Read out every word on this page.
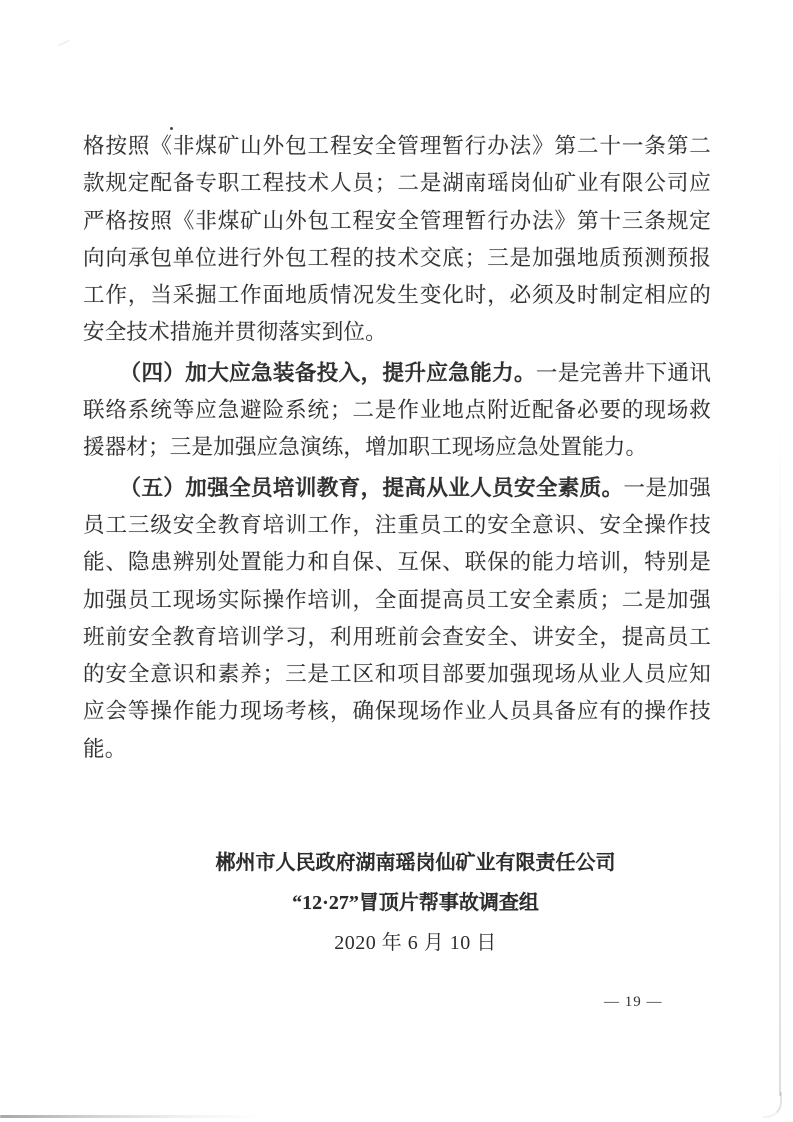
格按照《非煤矿山外包工程安全管理暂行办法》第二十一条第二款规定配备专职工程技术人员；二是湖南瑶岗仙矿业有限公司应严格按照《非煤矿山外包工程安全管理暂行办法》第十三条规定向向承包单位进行外包工程的技术交底；三是加强地质预测预报工作，当采掘工作面地质情况发生变化时，必须及时制定相应的安全技术措施并贯彻落实到位。

（四）加大应急装备投入，提升应急能力。一是完善井下通讯联络系统等应急避险系统；二是作业地点附近配备必要的现场救援器材；三是加强应急演练，增加职工现场应急处置能力。

（五）加强全员培训教育，提高从业人员安全素质。一是加强员工三级安全教育培训工作，注重员工的安全意识、安全操作技能、隐患辨别处置能力和自保、互保、联保的能力培训，特别是加强员工现场实际操作培训，全面提高员工安全素质；二是加强班前安全教育培训学习，利用班前会查安全、讲安全，提高员工的安全意识和素养；三是工区和项目部要加强现场从业人员应知应会等操作能力现场考核，确保现场作业人员具备应有的操作技能。

郴州市人民政府湖南瑶岗仙矿业有限责任公司
“12·27”冒顶片帮事故调查组
2020 年 6 月 10 日
— 19 —
